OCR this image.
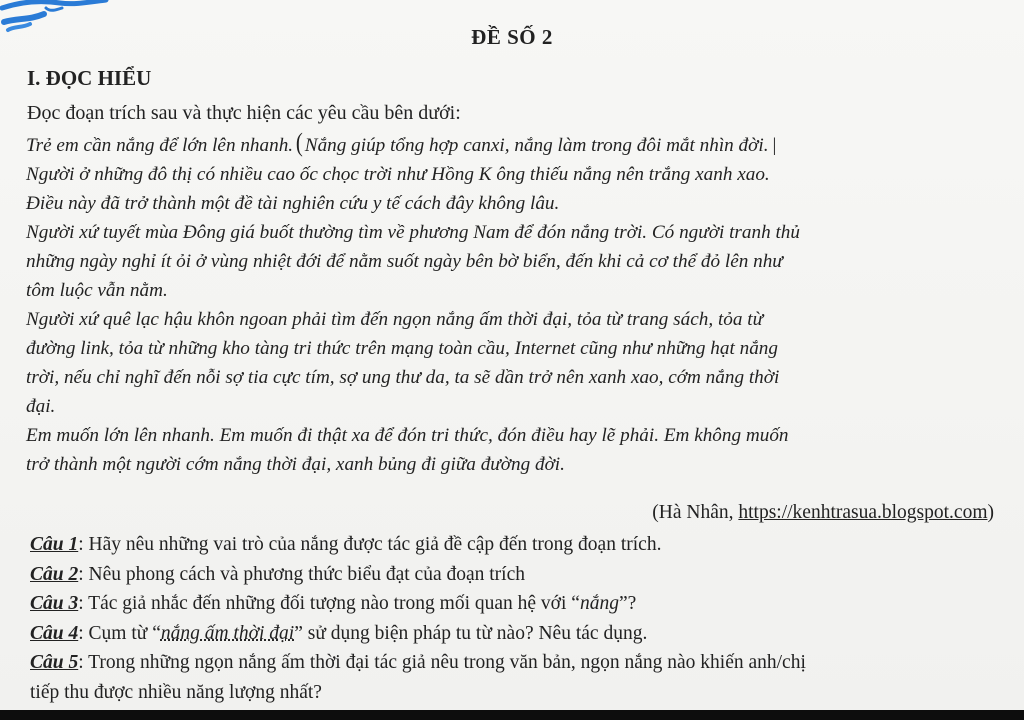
ĐỀ SỐ 2
I. ĐỌC HIỂU
Đọc đoạn trích sau và thực hiện các yêu cầu bên dưới:

Trẻ em cần nắng để lớn lên nhanh. (Nắng giúp tổng hợp canxi, nắng làm trong đôi mắt nhìn đời. |

Người ở những đô thị có nhiều cao ốc chọc trời như Hồng K ông thiếu nắng nên trắng xanh xao.

Điều này đã trở thành một đề tài nghiên cứu y tế cách đây không lâu.

Người xứ tuyết mùa Đông giá buốt thường tìm về phương Nam để đón nắng trời. Có người tranh thủ

những ngày nghỉ ít ỏi ở vùng nhiệt đới để nằm suốt ngày bên bờ biển, đến khi cả cơ thể đỏ lên như

tôm luộc vẫn nằm.

Người xứ quê lạc hậu khôn ngoan phải tìm đến ngọn nắng ấm thời đại, tỏa từ trang sách, tỏa từ

đường link, tỏa từ những kho tàng tri thức trên mạng toàn cầu, Internet cũng như những hạt nắng

trời, nếu chỉ nghĩ đến nỗi sợ tia cực tím, sợ ung thư da, ta sẽ dần trở nên xanh xao, cớm nắng thời

đại.

Em muốn lớn lên nhanh. Em muốn đi thật xa để đón tri thức, đón điều hay lẽ phải. Em không muốn

trở thành một người cớm nắng thời đại, xanh bủng đi giữa đường đời.

(Hà Nhân, https://kenhtrasua.blogspot.com)
Câu 1: Hãy nêu những vai trò của nắng được tác giả đề cập đến trong đoạn trích.
Câu 2: Nêu phong cách và phương thức biểu đạt của đoạn trích
Câu 3: Tác giả nhắc đến những đối tượng nào trong mối quan hệ với “nắng”?
Câu 4: Cụm từ “nắng ấm thời đại” sử dụng biện pháp tu từ nào? Nêu tác dụng.
Câu 5: Trong những ngọn nắng ấm thời đại tác giả nêu trong văn bản, ngọn nắng nào khiến anh/chị
tiếp thu được nhiều năng lượng nhất?
